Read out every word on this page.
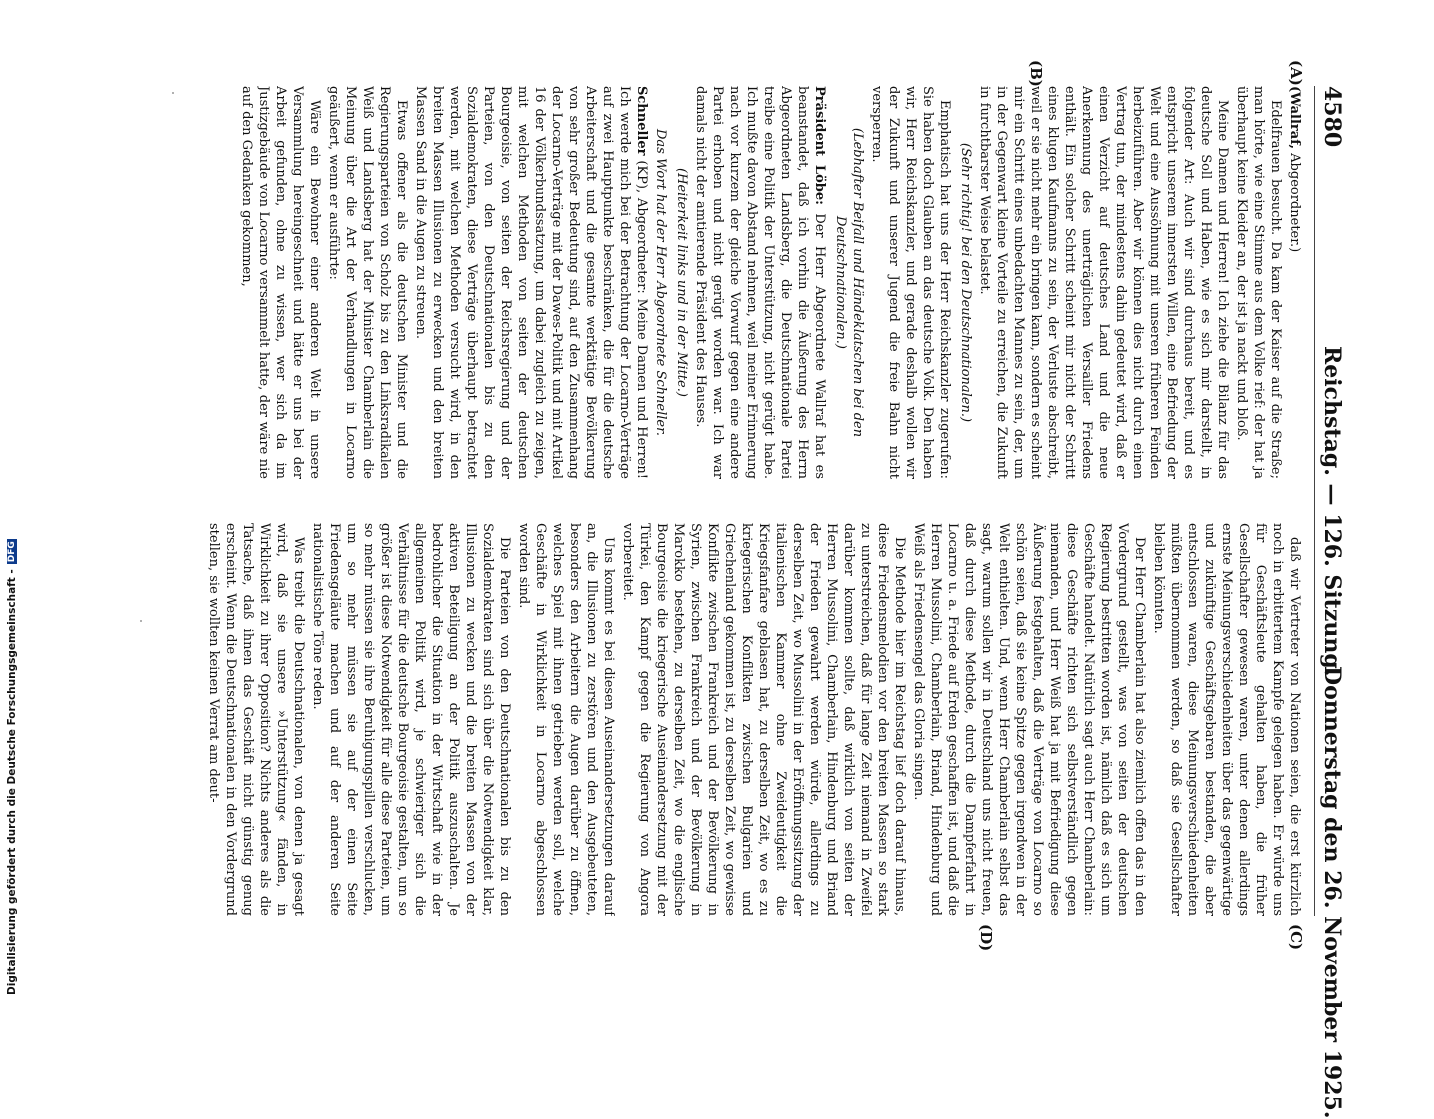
4580
Reichstag. — 126. Sitzung.
Donnerstag den 26. November 1925.
(A)
(B)
(C)
(D)

(Wallraf, Abgeordneter.)

Edelfrauen besucht. Da kam der Kaiser auf die Straße; man hörte, wie eine Stimme aus dem Volke rief: der hat ja überhaupt keine Kleider an, der ist ja nackt und bloß.

Meine Damen und Herren! Ich ziehe die Bilanz für das deutsche Soll und Haben, wie es sich mir darstellt, in folgender Art: Auch wir sind durchaus bereit, und es entspricht unserem innersten Willen, eine Befriedung der Welt und eine Aussöhnung mit unseren früheren Feinden herbeizuführen. Aber wir können dies nicht durch einen Vertrag tun, der mindestens dahin gedeutet wird, daß er einen Verzicht auf deutsches Land und die neue Anerkennung des unerträglichen Versailler Friedens enthält. Ein solcher Schritt scheint mir nicht der Schritt eines klugen Kaufmanns zu sein, der Verluste abschreibt, weil er sie nicht mehr ein bringen kann, sondern es scheint mir ein Schritt eines unbedachten Mannes zu sein, der, um in der Gegenwart kleine Vorteile zu erreichen, die Zukunft in furchtbarster Weise belastet.

(Sehr richtig! bei den Deutschnationalen.)

Emphatisch hat uns der Herr Reichskanzler zugerufen: Sie haben doch Glauben an das deutsche Volk. Den haben wir, Herr Reichskanzler, und gerade deshalb wollen wir der Zukunft und unserer Jugend die freie Bahn nicht versperren.

(Lebhafter Beifall und Händeklatschen bei den Deutschnationalen.)

Präsident Löbe: Der Herr Abgeordnete Wallraf hat es beanstandet, daß ich vorhin die Äußerung des Herrn Abgeordneten Landsberg, die Deutschnationale Partei treibe eine Politik der Unterstützung, nicht gerügt habe. Ich mußte davon Abstand nehmen, weil meiner Erinnerung nach vor kurzem der gleiche Vorwurf gegen eine andere Partei erhoben und nicht gerügt worden war. Ich war damals nicht der amtierende Präsident des Hauses.

(Heiterkeit links und in der Mitte.)

Das Wort hat der Herr Abgeordnete Schneller.

Schneller (KP), Abgeordneter: Meine Damen und Herren! Ich werde mich bei der Betrachtung der Locarno-Verträge auf zwei Hauptpunkte beschränken, die für die deutsche Arbeiterschaft und die gesamte werktätige Bevölkerung von sehr großer Bedeutung sind, auf den Zusammenhang der Locarno-Verträge mit der Dawes-Politik und mit Artikel 16 der Völkerbundssatzung, um dabei zugleich zu zeigen, mit welchen Methoden von seiten der deutschen Bourgeoisie, von seiten der Reichsregierung und der Parteien, von den Deutschnationalen bis zu den Sozialdemokraten, diese Verträge überhaupt betrachtet werden, mit welchen Methoden versucht wird, in den breiten Massen Illusionen zu erwecken und den breiten Massen Sand in die Augen zu streuen.

Etwas offener als die deutschen Minister und die Regierungsparteien von Scholz bis zu den Linksradikalen Weiß und Landsberg hat der Minister Chamberlain die Meinung über die Art der Verhandlungen in Locarno geäußert, wenn er ausführte:

Wäre ein Bewohner einer anderen Welt in unsere Versammlung hereingeschneit und hätte er uns bei der Arbeit gefunden, ohne zu wissen, wer sich da im Justizgebäude von Locarno versammelt hatte, der wäre nie auf den Gedanken gekommen,

daß wir Vertreter von Nationen seien, die erst kürzlich noch in erbittertem Kampfe gelegen haben. Er würde uns für Geschäftsleute gehalten haben, die früher Gesellschafter gewesen waren, unter denen allerdings ernste Meinungsverschiedenheiten über das gegenwärtige und zukünftige Geschäftsgebaren bestanden, die aber entschlossen waren, diese Meinungsverschiedenheiten müßten übernommen werden, so daß sie Gesellschafter bleiben könnten.

Der Herr Chamberlain hat also ziemlich offen das in den Vordergrund gestellt, was von seiten der deutschen Regierung bestritten worden ist, nämlich daß es sich um Geschäfte handelt. Natürlich sagt auch Herr Chamberlain: diese Geschäfte richten sich selbstverständlich gegen niemanden, und Herr Weiß hat ja mit Befriedigung diese Äußerung festgehalten, daß die Verträge von Locarno so schön seien, daß sie keine Spitze gegen irgendwen in der Welt enthielten. Und, wenn Herr Chamberlain selbst das sagt, warum sollen wir in Deutschland uns nicht freuen, daß durch diese Methode, durch die Dampferfahrt in Locarno u. a. Friede auf Erden geschaffen ist, und daß die Herren Mussolini, Chamberlain, Briand, Hindenburg und Weiß als Friedensengel das Gloria singen.

Die Methode hier im Reichstag lief doch darauf hinaus, diese Friedensmelodien vor den breiten Massen so stark zu unterstreichen, daß für lange Zeit niemand in Zweifel darüber kommen sollte, daß wirklich von seiten der Herren Mussolini, Chamberlain, Hindenburg und Briand der Frieden gewahrt werden würde, allerdings zu derselben Zeit, wo Mussolini in der Eröffnungssitzung der italienischen Kammer ohne Zweideutigkeit die Kriegsfanfare geblasen hat, zu derselben Zeit, wo es zu kriegerischen Konflikten zwischen Bulgarien und Griechenland gekommen ist, zu derselben Zeit, wo gewisse Konflikte zwischen Frankreich und der Bevölkerung in Syrien, zwischen Frankreich und der Bevölkerung in Marokko bestehen, zu derselben Zeit, wo die englische Bourgeoisie die kriegerische Auseinandersetzung mit der Türkei, den Kampf gegen die Regierung von Angora vorbereitet.

Uns kommt es bei diesen Auseinandersetzungen darauf an, die Illusionen zu zerstören und den Ausgebeuteten, besonders den Arbeitern die Augen darüber zu öffnen, welches Spiel mit ihnen getrieben werden soll, welche Geschäfte in Wirklichkeit in Locarno abgeschlossen worden sind.

Die Parteien von den Deutschnationalen bis zu den Sozialdemokraten sind sich über die Notwendigkeit klar, Illusionen zu wecken und die breiten Massen von der aktiven Beteiligung an der Politik auszuschalten. Je bedrohlicher die Situation in der Wirtschaft wie in der allgemeinen Politik wird, je schwieriger sich die Verhältnisse für die deutsche Bourgeoisie gestalten, um so größer ist diese Notwendigkeit für alle diese Parteien, um so mehr müssen sie ihre Beruhigungspillen verschlucken, um so mehr müssen sie auf der einen Seite Friedensgeläute machen und auf der anderen Seite nationalistische Töne reden.

Was treibt die Deutschnationalen, von denen ja gesagt wird, daß sie unsere »Unterstützung« fänden, in Wirklichkeit zu ihrer Opposition? Nichts anderes als die Tatsache, daß ihnen das Geschäft nicht günstig genug erscheint. Wenn die Deutschnationalen in den Vordergrund stellen, sie wollten keinen Verrat am deut-

Digitalisierung gefördert durch die Deutsche Forschungsgemeinschaft -DFG
